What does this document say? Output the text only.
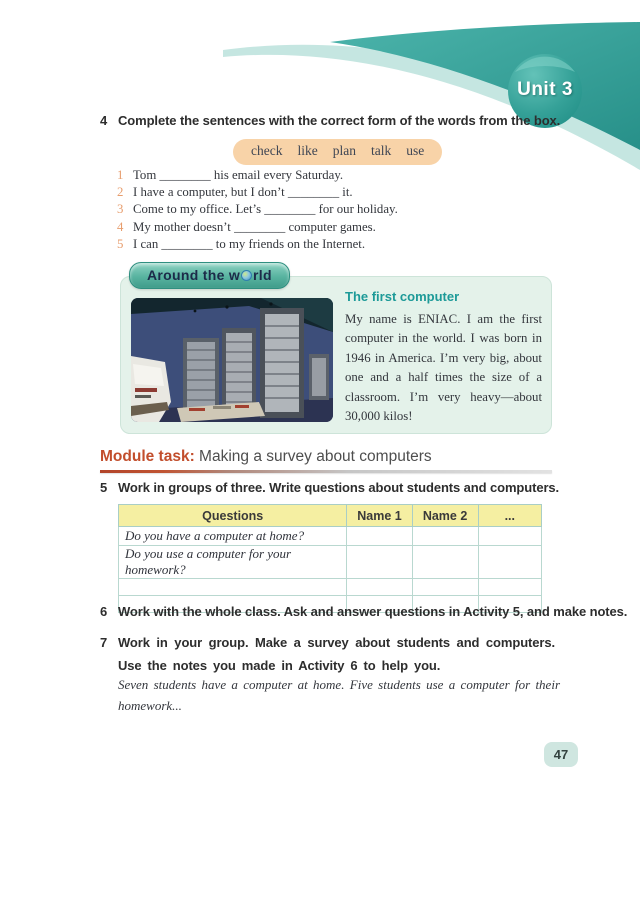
Unit 3
4 Complete the sentences with the correct form of the words from the box.
check like plan talk use
1 Tom ________ his email every Saturday.
2 I have a computer, but I don’t ________ it.
3 Come to my office. Let’s ________ for our holiday.
4 My mother doesn’t ________ computer games.
5 I can ________ to my friends on the Internet.
Around the w rld
The first computer
My name is ENIAC. I am the first computer in the world. I was born in 1946 in America. I’m very big, about one and a half times the size of a classroom. I’m very heavy—about 30,000 kilos!
Module task: Making a survey about computers
5 Work in groups of three. Write questions about students and computers.
Questions	Name 1	Name 2	...
Do you have a computer at home?			
Do you use a computer for your homework?			

6 Work with the whole class. Ask and answer questions in Activity 5, and make notes.
7 Work in your group. Make a survey about students and computers. Use the notes you made in Activity 6 to help you.
Seven students have a computer at home. Five students use a computer for their homework...
47
